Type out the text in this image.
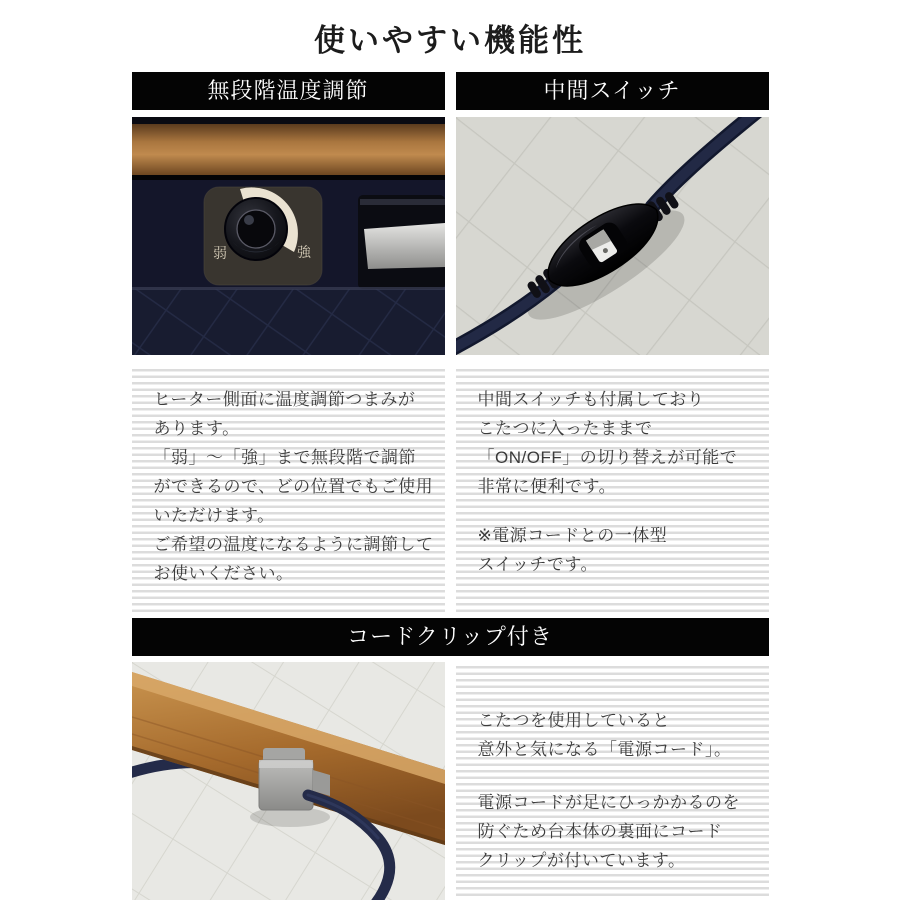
使いやすい機能性
無段階温度調節
弱	強
ヒーター側面に温度調節つまみが
あります。
「弱」〜「強」まで無段階で調節
ができるので、どの位置でもご使用
いただけます。
ご希望の温度になるように調節して
お使いください。
中間スイッチ
中間スイッチも付属しており
こたつに入ったままで
「ON/OFF」の切り替えが可能で
非常に便利です。
※電源コードとの一体型
スイッチです。
コードクリップ付き
こたつを使用していると
意外と気になる「電源コード」。
電源コードが足にひっかかるのを
防ぐため台本体の裏面にコード
クリップが付いています。
